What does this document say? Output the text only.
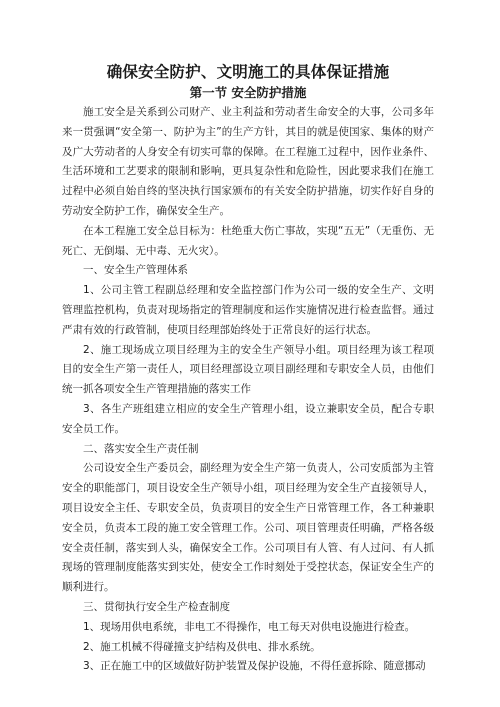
确保安全防护、文明施工的具体保证措施
第一节 安全防护措施

施工安全是关系到公司财产、业主利益和劳动者生命安全的大事，公司多年来一贯强调“安全第一、防护为主”的生产方针，其目的就是使国家、集体的财产及广大劳动者的人身安全有切实可靠的保障。在工程施工过程中，因作业条件、生活环境和工艺要求的限制和影响，更具复杂性和危险性，因此要求我们在施工过程中必须自始自终的坚决执行国家颁布的有关安全防护措施，切实作好自身的劳动安全防护工作，确保安全生产。

在本工程施工安全总目标为：杜绝重大伤亡事故，实现“五无”（无重伤、无死亡、无倒塌、无中毒、无火灾）。

一、安全生产管理体系

1、公司主管工程副总经理和安全监控部门作为公司一级的安全生产、文明管理监控机构，负责对现场指定的管理制度和运作实施情况进行检查监督。通过严肃有效的行政管制，使项目经理部始终处于正常良好的运行状态。

2、施工现场成立项目经理为主的安全生产领导小组。项目经理为该工程项目的安全生产第一责任人，项目经理部设立项目副经理和专职安全人员，由他们统一抓各项安全生产管理措施的落实工作

3、各生产班组建立相应的安全生产管理小组，设立兼职安全员，配合专职安全员工作。

二、落实安全生产责任制

公司设安全生产委员会，副经理为安全生产第一负责人，公司安质部为主管安全的职能部门，项目设安全生产领导小组，项目经理为安全生产直接领导人，项目设安全主任、专职安全员，负责项目的安全生产日常管理工作，各工种兼职安全员，负责本工段的施工安全管理工作。公司、项目管理责任明确，严格各级安全责任制，落实到人头，确保安全工作。公司项目有人管、有人过问、有人抓现场的管理制度能落实到实处，使安全工作时刻处于受控状态，保证安全生产的顺利进行。

三、贯彻执行安全生产检查制度

1、现场用供电系统，非电工不得操作，电工每天对供电设施进行检查。

2、施工机械不得碰撞支护结构及供电、排水系统。

3、正在施工中的区域做好防护装置及保护设施，不得任意拆除、随意挪动
